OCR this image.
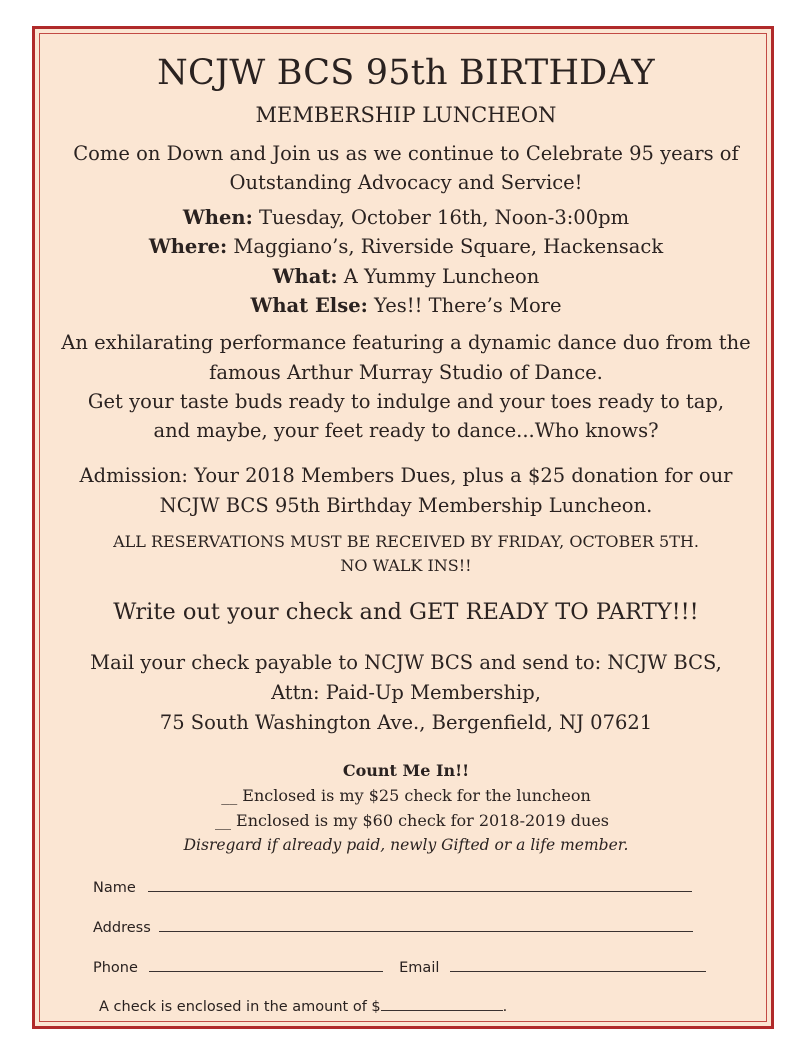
NCJW BCS 95th BIRTHDAY

MEMBERSHIP LUNCHEON

Come on Down and Join us as we continue to Celebrate 95 years of

Outstanding Advocacy and Service!

When: Tuesday, October 16th, Noon-3:00pm

Where: Maggiano’s, Riverside Square, Hackensack

What: A Yummy Luncheon

What Else: Yes!! There’s More

An exhilarating performance featuring a dynamic dance duo from the

famous Arthur Murray Studio of Dance.

Get your taste buds ready to indulge and your toes ready to tap,

and maybe, your feet ready to dance...Who knows?

Admission: Your 2018 Members Dues, plus a $25 donation for our

NCJW BCS 95th Birthday Membership Luncheon.

ALL RESERVATIONS MUST BE RECEIVED BY FRIDAY, OCTOBER 5TH.

NO WALK INS!!

Write out your check and GET READY TO PARTY!!!

Mail your check payable to NCJW BCS and send to: NCJW BCS,

Attn: Paid-Up Membership,

75 South Washington Ave., Bergenfield, NJ 07621

Count Me In!!

__ Enclosed is my $25 check for the luncheon

__ Enclosed is my $60 check for 2018-2019 dues

Disregard if already paid, newly Gifted or a life member.

Name
Address
Phone	Email
A check is enclosed in the amount of $	.
